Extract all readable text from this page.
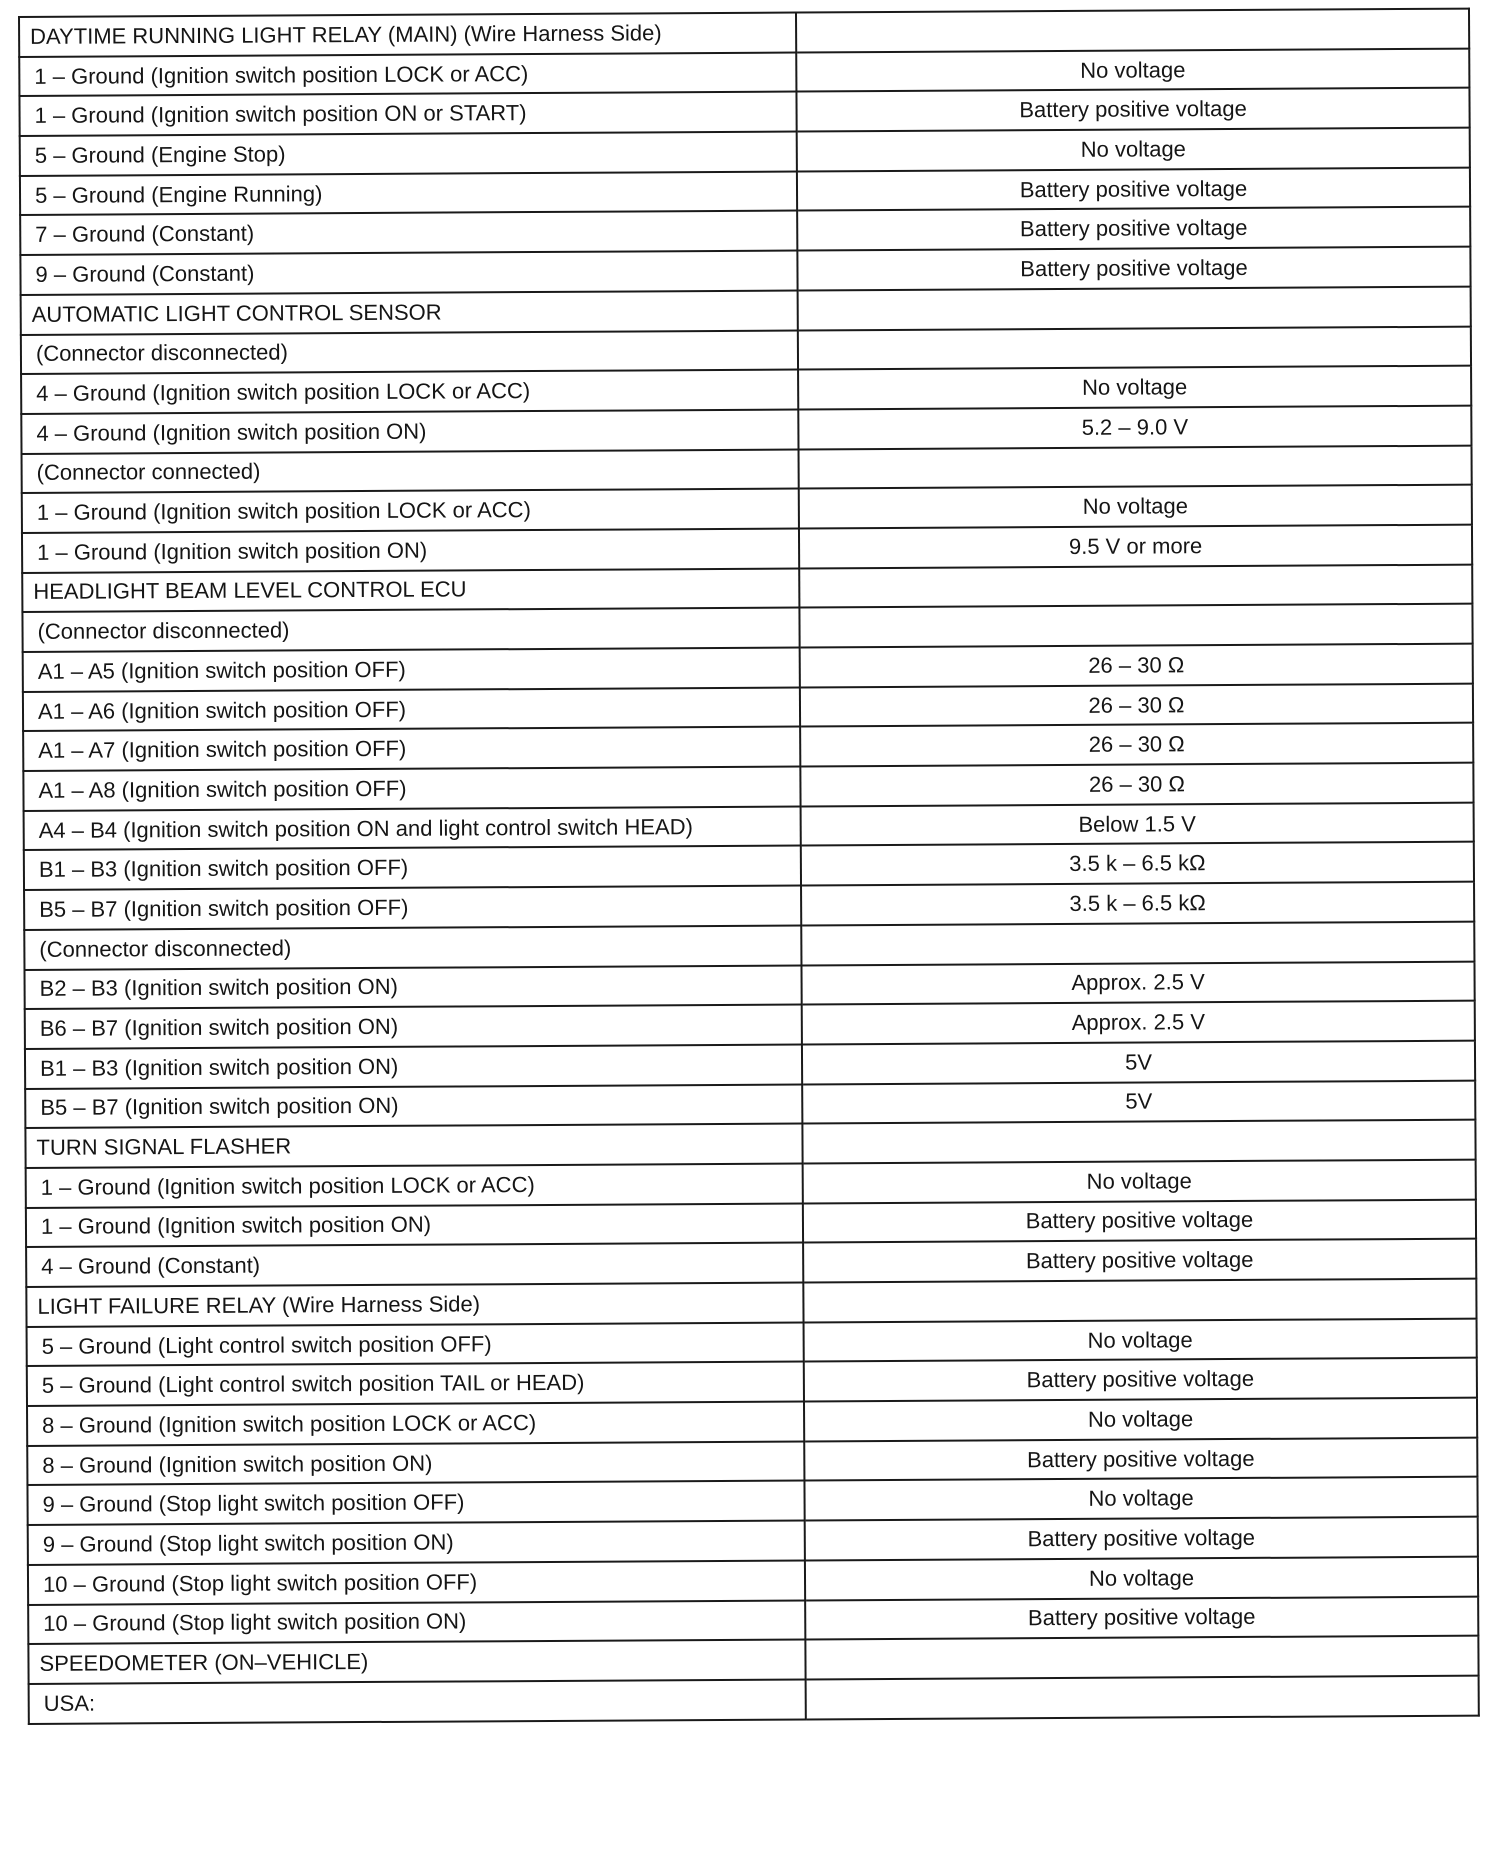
DAYTIME RUNNING LIGHT RELAY (MAIN) (Wire Harness Side)	
1 – Ground (Ignition switch position LOCK or ACC)	No voltage
1 – Ground (Ignition switch position ON or START)	Battery positive voltage
5 – Ground (Engine Stop)	No voltage
5 – Ground (Engine Running)	Battery positive voltage
7 – Ground (Constant)	Battery positive voltage
9 – Ground (Constant)	Battery positive voltage
AUTOMATIC LIGHT CONTROL SENSOR	
(Connector disconnected)	
4 – Ground (Ignition switch position LOCK or ACC)	No voltage
4 – Ground (Ignition switch position ON)	5.2 – 9.0 V
(Connector connected)	
1 – Ground (Ignition switch position LOCK or ACC)	No voltage
1 – Ground (Ignition switch position ON)	9.5 V or more
HEADLIGHT BEAM LEVEL CONTROL ECU	
(Connector disconnected)	
A1 – A5 (Ignition switch position OFF)	26 – 30 Ω
A1 – A6 (Ignition switch position OFF)	26 – 30 Ω
A1 – A7 (Ignition switch position OFF)	26 – 30 Ω
A1 – A8 (Ignition switch position OFF)	26 – 30 Ω
A4 – B4 (Ignition switch position ON and light control switch HEAD)	Below 1.5 V
B1 – B3 (Ignition switch position OFF)	3.5 k – 6.5 kΩ
B5 – B7 (Ignition switch position OFF)	3.5 k – 6.5 kΩ
(Connector disconnected)	
B2 – B3 (Ignition switch position ON)	Approx. 2.5 V
B6 – B7 (Ignition switch position ON)	Approx. 2.5 V
B1 – B3 (Ignition switch position ON)	5V
B5 – B7 (Ignition switch position ON)	5V
TURN SIGNAL FLASHER	
1 – Ground (Ignition switch position LOCK or ACC)	No voltage
1 – Ground (Ignition switch position ON)	Battery positive voltage
4 – Ground (Constant)	Battery positive voltage
LIGHT FAILURE RELAY (Wire Harness Side)	
5 – Ground (Light control switch position OFF)	No voltage
5 – Ground (Light control switch position TAIL or HEAD)	Battery positive voltage
8 – Ground (Ignition switch position LOCK or ACC)	No voltage
8 – Ground (Ignition switch position ON)	Battery positive voltage
9 – Ground (Stop light switch position OFF)	No voltage
9 – Ground (Stop light switch position ON)	Battery positive voltage
10 – Ground (Stop light switch position OFF)	No voltage
10 – Ground (Stop light switch position ON)	Battery positive voltage
SPEEDOMETER (ON–VEHICLE)	
USA:	
